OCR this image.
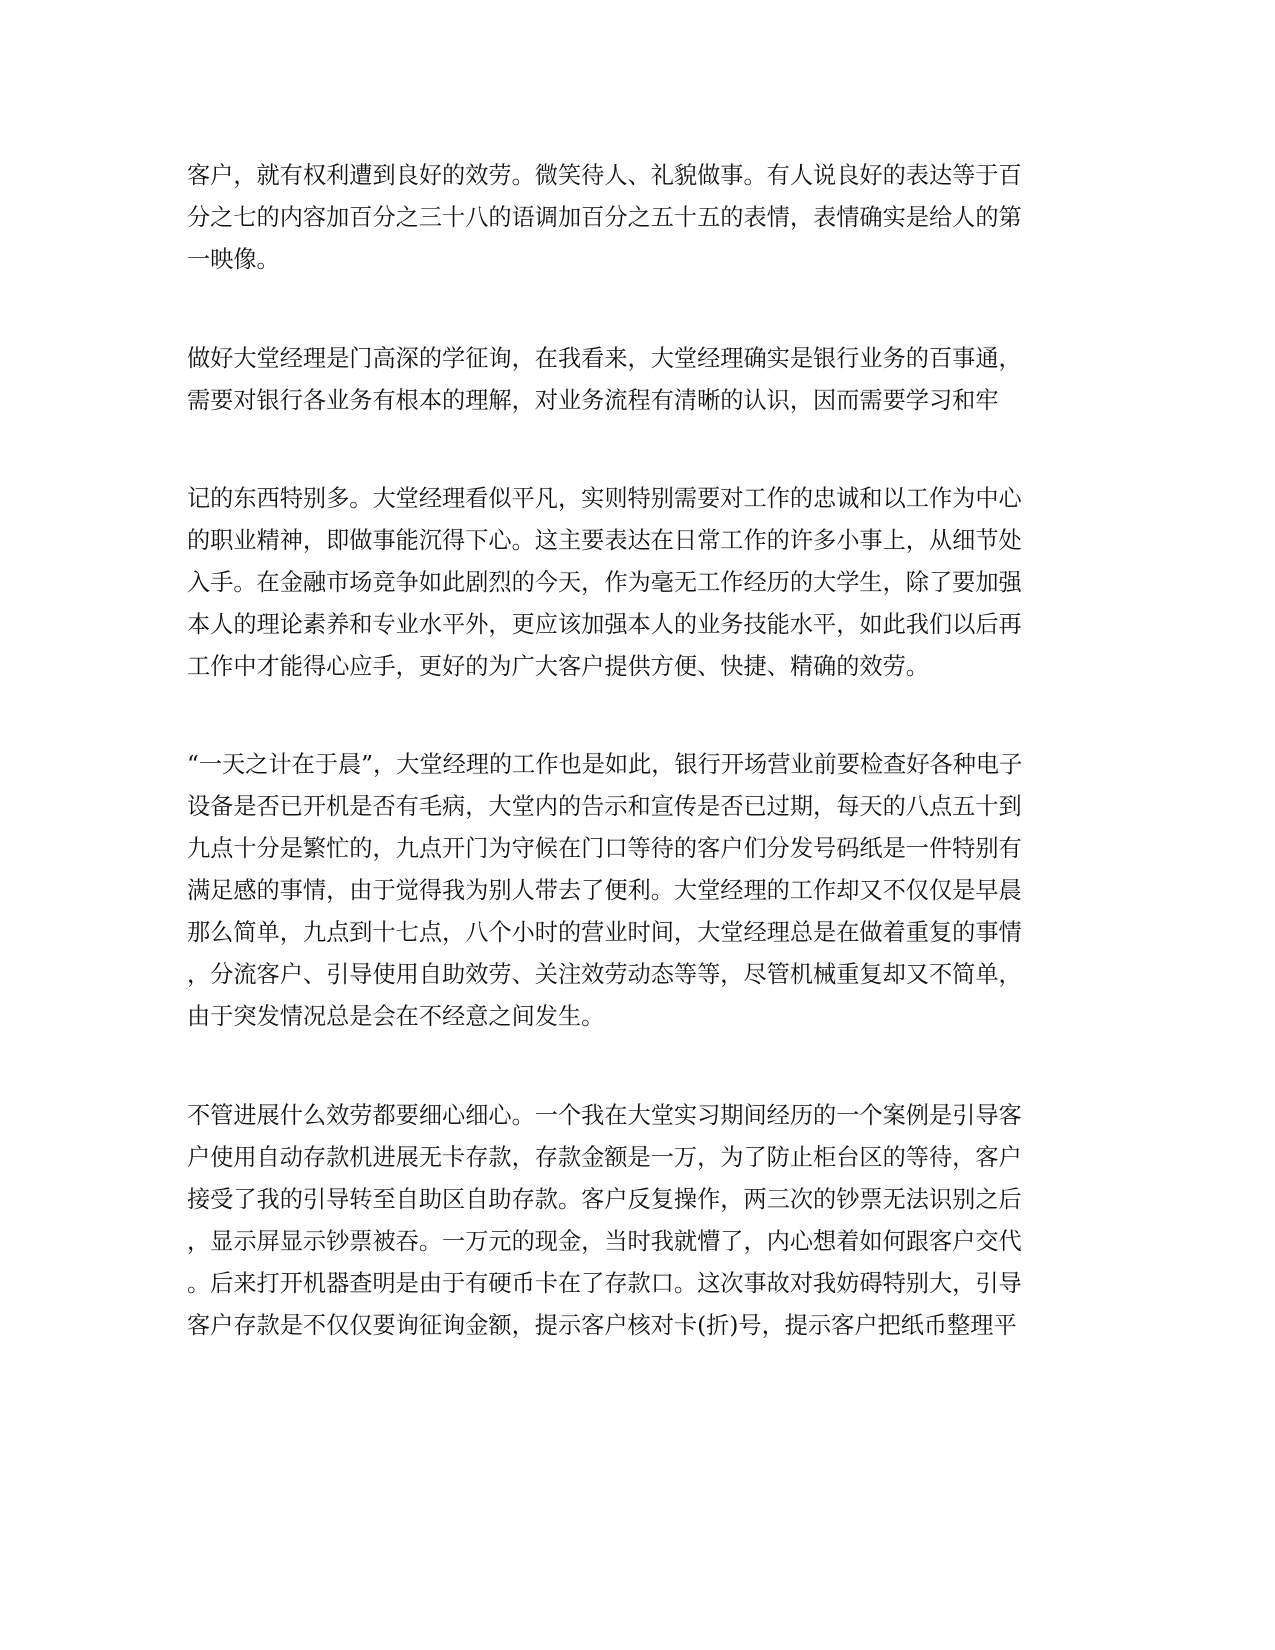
客户，就有权利遭到良好的效劳。微笑待人、礼貌做事。有人说良好的表达等于百
分之七的内容加百分之三十八的语调加百分之五十五的表情，表情确实是给人的第
一映像。
做好大堂经理是门高深的学征询，在我看来，大堂经理确实是银行业务的百事通，
需要对银行各业务有根本的理解，对业务流程有清晰的认识，因而需要学习和牢
记的东西特别多。大堂经理看似平凡，实则特别需要对工作的忠诚和以工作为中心
的职业精神，即做事能沉得下心。这主要表达在日常工作的许多小事上，从细节处
入手。在金融市场竞争如此剧烈的今天，作为毫无工作经历的大学生，除了要加强
本人的理论素养和专业水平外，更应该加强本人的业务技能水平，如此我们以后再
工作中才能得心应手，更好的为广大客户提供方便、快捷、精确的效劳。
“一天之计在于晨”，大堂经理的工作也是如此，银行开场营业前要检查好各种电子
设备是否已开机是否有毛病，大堂内的告示和宣传是否已过期，每天的八点五十到
九点十分是繁忙的，九点开门为守候在门口等待的客户们分发号码纸是一件特别有
满足感的事情，由于觉得我为别人带去了便利。大堂经理的工作却又不仅仅是早晨
那么简单，九点到十七点，八个小时的营业时间，大堂经理总是在做着重复的事情
，分流客户、引导使用自助效劳、关注效劳动态等等，尽管机械重复却又不简单，
由于突发情况总是会在不经意之间发生。
不管进展什么效劳都要细心细心。一个我在大堂实习期间经历的一个案例是引导客
户使用自动存款机进展无卡存款，存款金额是一万，为了防止柜台区的等待，客户
接受了我的引导转至自助区自助存款。客户反复操作，两三次的钞票无法识别之后
，显示屏显示钞票被吞。一万元的现金，当时我就懵了，内心想着如何跟客户交代
。后来打开机器查明是由于有硬币卡在了存款口。这次事故对我妨碍特别大，引导
客户存款是不仅仅要询征询金额，提示客户核对卡(折)号，提示客户把纸币整理平
